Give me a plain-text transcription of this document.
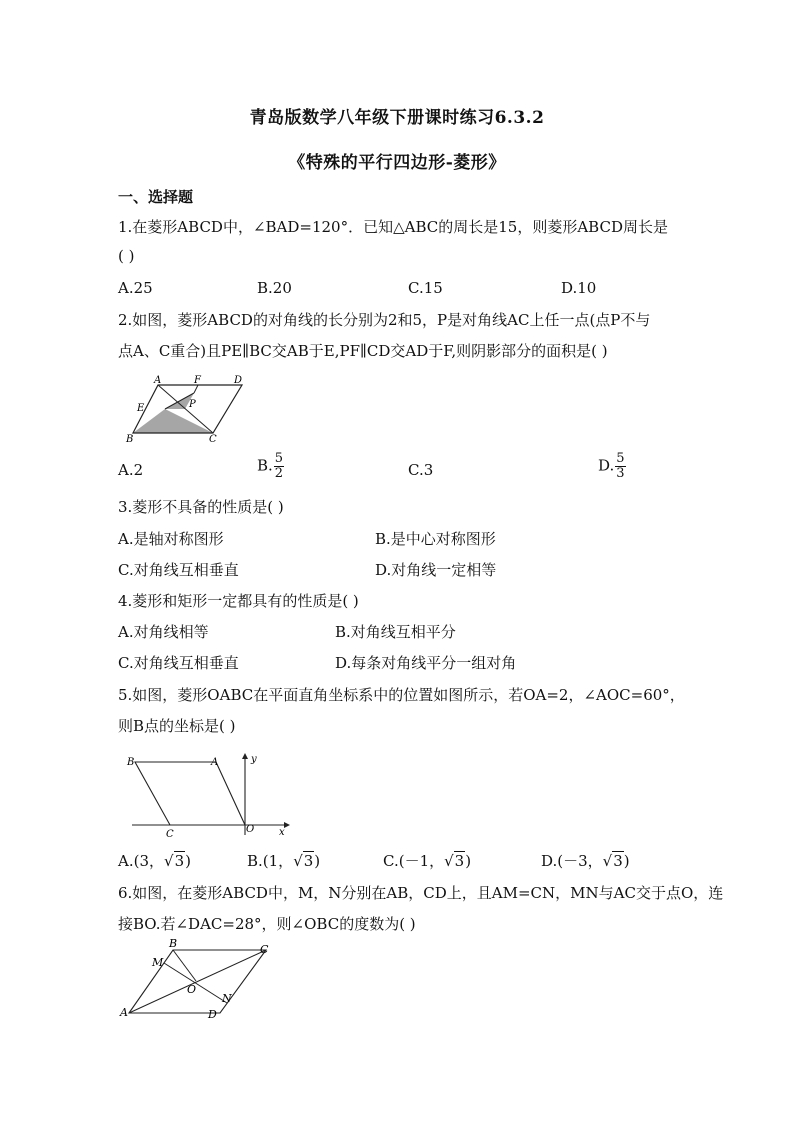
青岛版数学八年级下册课时练习6.3.2
《特殊的平行四边形-菱形》
一、选择题
1.在菱形ABCD中，∠BAD=120°．已知△ABC的周长是15，则菱形ABCD周长是
( )
A.25	B.20	C.15	D.10
2.如图，菱形ABCD的对角线的长分别为2和5，P是对角线AC上任一点(点P不与
点A、C重合)且PE∥BC交AB于E,PF∥CD交AD于F,则阴影部分的面积是( )
A	F	D
E	P
B	C
A.2	B. $\frac{5}{2}$	C.3	D. $\frac{5}{3}$
3.菱形不具备的性质是( )
A.是轴对称图形	B.是中心对称图形
C.对角线互相垂直	D.对角线一定相等
4.菱形和矩形一定都具有的性质是( )
A.对角线相等	B.对角线互相平分
C.对角线互相垂直	D.每条对角线平分一组对角
5.如图，菱形OABC在平面直角坐标系中的位置如图所示，若OA=2，∠AOC=60°，
则B点的坐标是( )
B	A	y
C	O x
A.(3，√3)	B.(1，√3)	C.(－1，√3)	D.(－3，√3)
6.如图，在菱形ABCD中，M，N分别在AB，CD上，且AM=CN，MN与AC交于点O，连
接BO.若∠DAC=28°，则∠OBC的度数为( )
B	C
M
O
N
A	D
